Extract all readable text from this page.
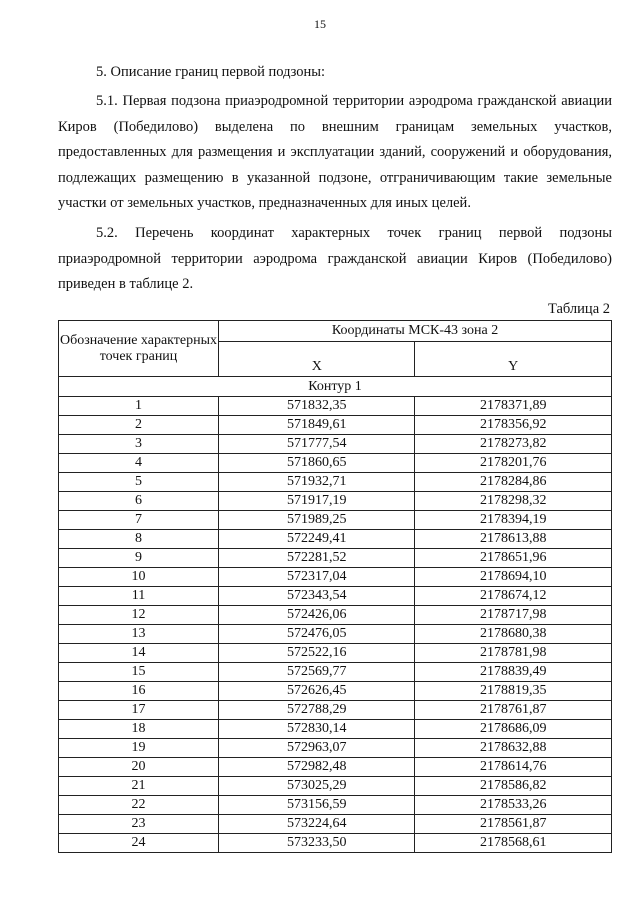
15
5. Описание границ первой подзоны:

5.1. Первая подзона приаэродромной территории аэродрома гражданской авиации Киров (Победилово) выделена по внешним границам земельных участков, предоставленных для размещения и эксплуатации зданий, сооружений и оборудования, подлежащих размещению в указанной подзоне, отграничивающим такие земельные участки от земельных участков, предназначенных для иных целей.

5.2. Перечень координат характерных точек границ первой подзоны приаэродромной территории аэродрома гражданской авиации Киров (Победилово) приведен в таблице 2.

Таблица 2
Обозначение характерных точек границ	Координаты МСК-43 зона 2	
	X	Y
Контур 1		
1	571832,35	2178371,89
2	571849,61	2178356,92
3	571777,54	2178273,82
4	571860,65	2178201,76
5	571932,71	2178284,86
6	571917,19	2178298,32
7	571989,25	2178394,19
8	572249,41	2178613,88
9	572281,52	2178651,96
10	572317,04	2178694,10
11	572343,54	2178674,12
12	572426,06	2178717,98
13	572476,05	2178680,38
14	572522,16	2178781,98
15	572569,77	2178839,49
16	572626,45	2178819,35
17	572788,29	2178761,87
18	572830,14	2178686,09
19	572963,07	2178632,88
20	572982,48	2178614,76
21	573025,29	2178586,82
22	573156,59	2178533,26
23	573224,64	2178561,87
24	573233,50	2178568,61
